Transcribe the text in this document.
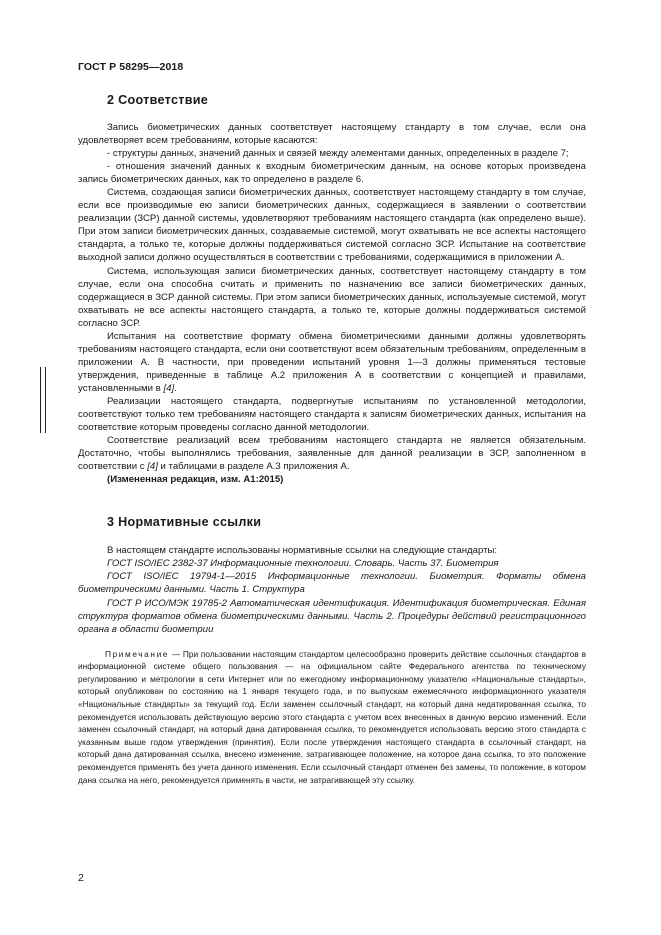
ГОСТ Р 58295—2018
2 Соответствие

Запись биометрических данных соответствует настоящему стандарту в том случае, если она удовлетворяет всем требованиям, которые касаются:

- структуры данных, значений данных и связей между элементами данных, определенных в разделе 7;

- отношения значений данных к входным биометрическим данным, на основе которых произведена запись биометрических данных, как то определено в разделе 6.

Система, создающая записи биометрических данных, соответствует настоящему стандарту в том случае, если все производимые ею записи биометрических данных, содержащиеся в заявлении о соответствии реализации (ЗСР) данной системы, удовлетворяют требованиям настоящего стандарта (как определено выше). При этом записи биометрических данных, создаваемые системой, могут охватывать не все аспекты настоящего стандарта, а только те, которые должны поддерживаться системой согласно ЗСР. Испытание на соответствие выходной записи должно осуществляться в соответствии с требованиями, содержащимися в приложении А.

Система, использующая записи биометрических данных, соответствует настоящему стандарту в том случае, если она способна считать и применить по назначению все записи биометрических данных, содержащиеся в ЗСР данной системы. При этом записи биометрических данных, используемые системой, могут охватывать не все аспекты настоящего стандарта, а только те, которые должны поддерживаться системой согласно ЗСР.

Испытания на соответствие формату обмена биометрическими данными должны удовлетворять требованиям настоящего стандарта, если они соответствуют всем обязательным требованиям, определенным в приложении А. В частности, при проведении испытаний уровня 1—3 должны применяться тестовые утверждения, приведенные в таблице А.2 приложения А в соответствии с концепцией и правилами, установленными в [4].

Реализации настоящего стандарта, подвергнутые испытаниям по установленной методологии, соответствуют только тем требованиям настоящего стандарта к записям биометрических данных, испытания на соответствие которым проведены согласно данной методологии.

Соответствие реализаций всем требованиям настоящего стандарта не является обязательным. Достаточно, чтобы выполнялись требования, заявленные для данной реализации в ЗСР, заполненном в соответствии с [4] и таблицами в разделе А.3 приложения А.

(Измененная редакция, изм. А1:2015)

3 Нормативные ссылки

В настоящем стандарте использованы нормативные ссылки на следующие стандарты:

ГОСТ ISO/IEC 2382-37 Информационные технологии. Словарь. Часть 37. Биометрия

ГОСТ ISO/IEC 19794-1—2015 Информационные технологии. Биометрия. Форматы обмена биометрическими данными. Часть 1. Структура

ГОСТ Р ИСО/МЭК 19785-2 Автоматическая идентификация. Идентификация биометрическая. Единая структура форматов обмена биометрическими данными. Часть 2. Процедуры действий регистрационного органа в области биометрии

Примечание — При пользовании настоящим стандартом целесообразно проверить действие ссылочных стандартов в информационной системе общего пользования — на официальном сайте Федерального агентства по техническому регулированию и метрологии в сети Интернет или по ежегодному информационному указателю «Национальные стандарты», который опубликован по состоянию на 1 января текущего года, и по выпускам ежемесячного информационного указателя «Национальные стандарты» за текущий год. Если заменен ссылочный стандарт, на который дана недатированная ссылка, то рекомендуется использовать действующую версию этого стандарта с учетом всех внесенных в данную версию изменений. Если заменен ссылочный стандарт, на который дана датированная ссылка, то рекомендуется использовать версию этого стандарта с указанным выше годом утверждения (принятия). Если после утверждения настоящего стандарта в ссылочный стандарт, на который дана датированная ссылка, внесено изменение, затрагивающее положение, на которое дана ссылка, то это положение рекомендуется применять без учета данного изменения. Если ссылочный стандарт отменен без замены, то положение, в котором дана ссылка на него, рекомендуется применять в части, не затрагивающей эту ссылку.

2
